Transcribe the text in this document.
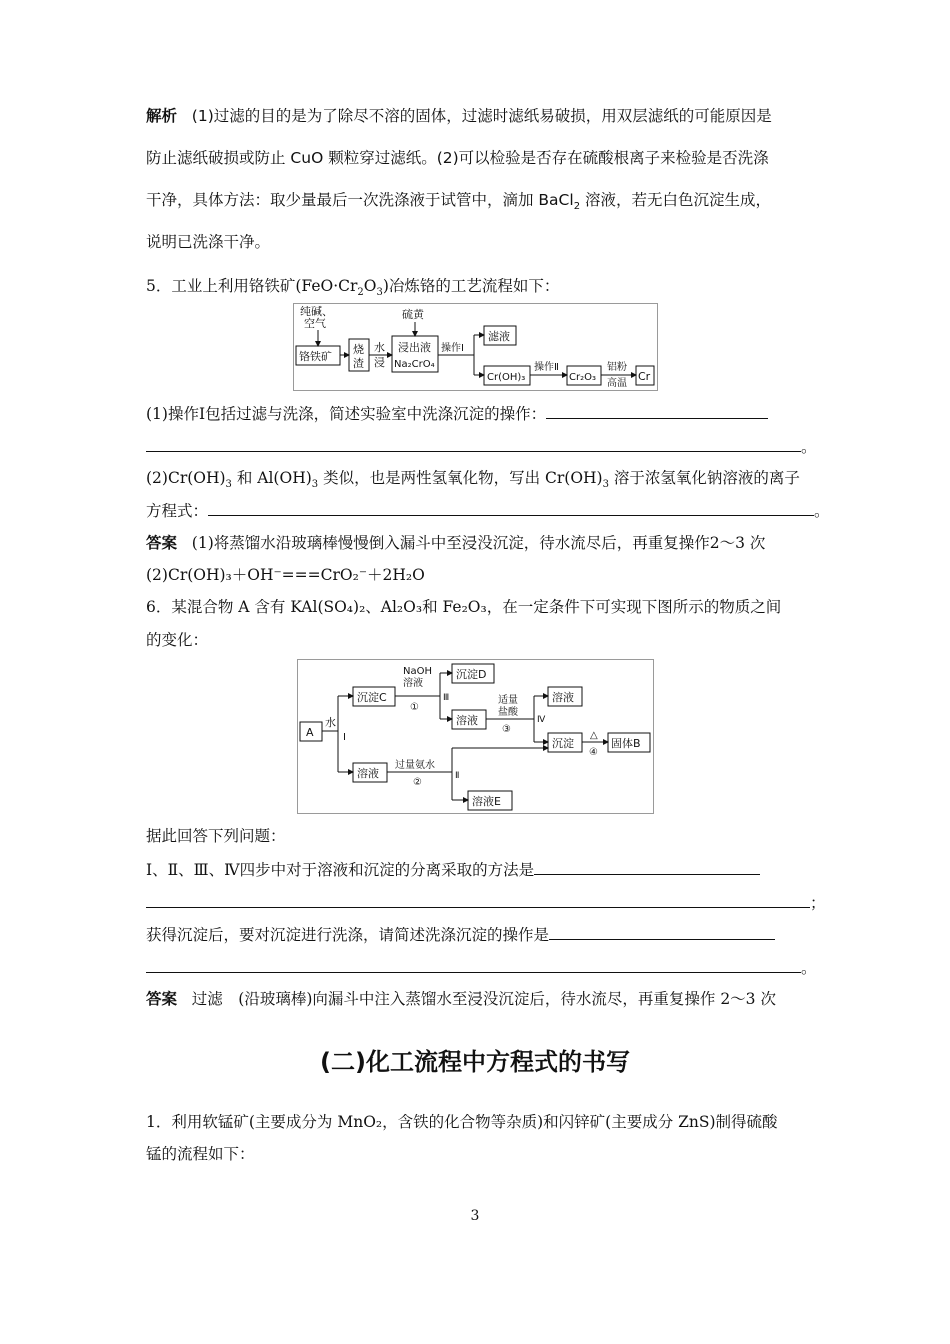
解析 (1)过滤的目的是为了除尽不溶的固体，过滤时滤纸易破损，用双层滤纸的可能原因是
防止滤纸破损或防止 CuO 颗粒穿过滤纸。(2)可以检验是否存在硫酸根离子来检验是否洗涤
干净，具体方法：取少量最后一次洗涤液于试管中，滴加 BaCl$_2$ 溶液，若无白色沉淀生成，
说明已洗涤干净。
5．工业上利用铬铁矿$(FeO\cdot Cr_2O_3)$冶炼铬的工艺流程如下：
纯碱、
空气
铬铁矿
烧
渣
水
浸
硫黄
浸出液
Na₂CrO₄
操作Ⅰ
滤液
Cr(OH)₃
操作Ⅱ
Cr₂O₃
铝粉
高温
Cr
(1)操作Ⅰ包括过滤与洗涤，简述实验室中洗涤沉淀的操作：
。
$(2)Cr(OH)_3$ 和 $Al(OH)_3$ 类似，也是两性氢氧化物，写出 $Cr(OH)_3$ 溶于浓氢氧化钠溶液的离子
方程式：	。
答案 (1)将蒸馏水沿玻璃棒慢慢倒入漏斗中至浸没沉淀，待水流尽后，再重复操作2～3 次
(2)Cr(OH)₃＋OH⁻===CrO₂⁻＋2H₂O
6．某混合物 A 含有 KAl(SO₄)₂、Al₂O₃和 Fe₂O₃，在一定条件下可实现下图所示的物质之间
的变化：
A
水
Ⅰ
沉淀C
NaOH
溶液
①
Ⅲ
沉淀D
溶液
适量
盐酸
③
Ⅳ
溶液
沉淀
△
④
固体B
溶液
过量氨水
②
Ⅱ
溶液E
据此回答下列问题：
Ⅰ、Ⅱ、Ⅲ、Ⅳ四步中对于溶液和沉淀的分离采取的方法是
；
获得沉淀后，要对沉淀进行洗涤，请简述洗涤沉淀的操作是
。
答案 过滤　(沿玻璃棒)向漏斗中注入蒸馏水至浸没沉淀后，待水流尽，再重复操作 2～3 次
(二)化工流程中方程式的书写
1．利用软锰矿(主要成分为 MnO₂，含铁的化合物等杂质)和闪锌矿(主要成分 ZnS)制得硫酸
锰的流程如下：
3
